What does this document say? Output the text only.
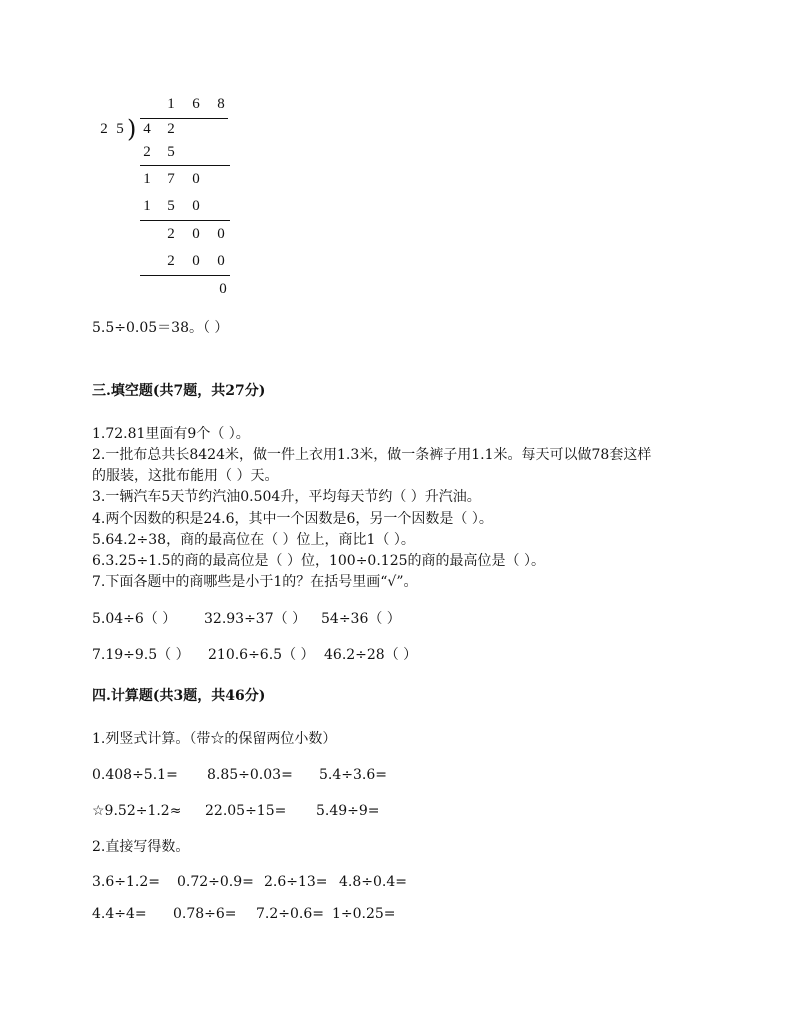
1	6	8
2 5 ) 4	2
2	5
1	7	0
1	5	0
2	0	0
2	0	0
0
5.5÷0.05＝38。（ ）
三.填空题(共7题，共27分)
1.72.81里面有9个（ ）。
2.一批布总共长8424米，做一件上衣用1.3米，做一条裤子用1.1米。每天可以做78套这样
的服装，这批布能用（ ）天。
3.一辆汽车5天节约汽油0.504升，平均每天节约（ ）升汽油。
4.两个因数的积是24.6，其中一个因数是6，另一个因数是（ ）。
5.64.2÷38，商的最高位在（ ）位上，商比1（ ）。
6.3.25÷1.5的商的最高位是（ ）位，100÷0.125的商的最高位是（ ）。
7.下面各题中的商哪些是小于1的？在括号里画“√”。
5.04÷6（ ） 32.93÷37（ ） 54÷36（ ）
7.19÷9.5（ ） 210.6÷6.5（ ） 46.2÷28（ ）
四.计算题(共3题，共46分)
1.列竖式计算。（带☆的保留两位小数）
0.408÷5.1= 8.85÷0.03= 5.4÷3.6=
☆9.52÷1.2≈ 22.05÷15= 5.49÷9=
2.直接写得数。
3.6÷1.2= 0.72÷0.9= 2.6÷13= 4.8÷0.4=
4.4÷4= 0.78÷6= 7.2÷0.6= 1÷0.25=
